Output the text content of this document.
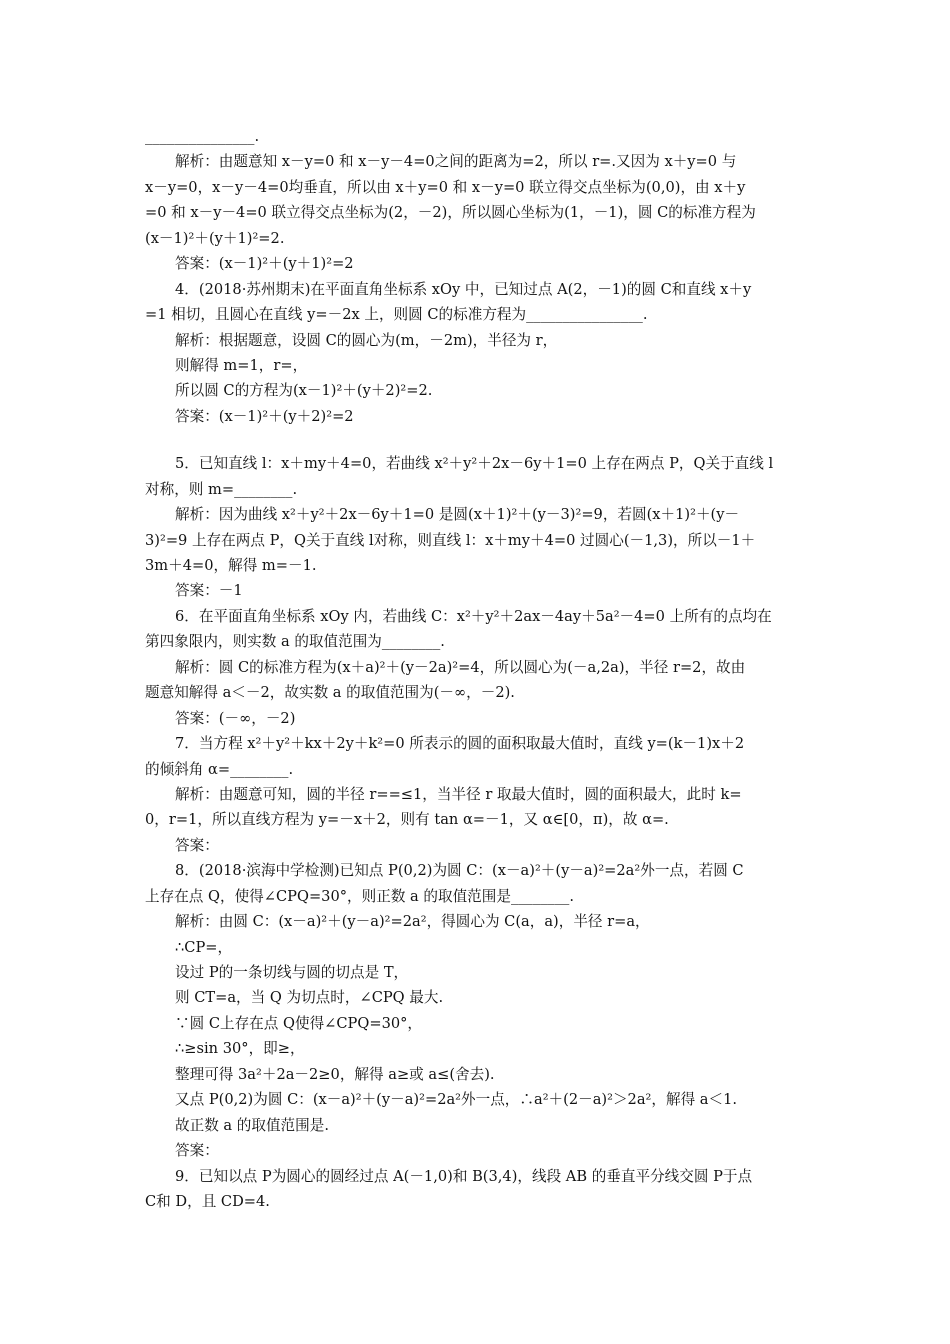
_______________.
解析：由题意知 x－y=0 和 x－y－4=0之间的距离为=2，所以 r=.又因为 x＋y=0 与
x－y=0，x－y－4=0均垂直，所以由 x＋y=0 和 x－y=0 联立得交点坐标为(0,0)，由 x＋y
=0 和 x－y－4=0 联立得交点坐标为(2，－2)，所以圆心坐标为(1，－1)，圆 C的标准方程为
(x－1)²＋(y＋1)²=2.
答案：(x－1)²＋(y＋1)²=2
4．(2018·苏州期末)在平面直角坐标系 xOy 中，已知过点 A(2，－1)的圆 C和直线 x＋y
=1 相切，且圆心在直线 y=－2x 上，则圆 C的标准方程为________________.
解析：根据题意，设圆 C的圆心为(m，－2m)，半径为 r，
则解得 m=1，r=，
所以圆 C的方程为(x－1)²＋(y＋2)²=2.
答案：(x－1)²＋(y＋2)²=2
5．已知直线 l：x＋my＋4=0，若曲线 x²＋y²＋2x－6y＋1=0 上存在两点 P，Q关于直线 l
对称，则 m=________.
解析：因为曲线 x²＋y²＋2x－6y＋1=0 是圆(x＋1)²＋(y－3)²=9，若圆(x＋1)²＋(y－
3)²=9 上存在两点 P，Q关于直线 l对称，则直线 l：x＋my＋4=0 过圆心(－1,3)，所以－1＋
3m＋4=0，解得 m=－1.
答案：－1
6．在平面直角坐标系 xOy 内，若曲线 C：x²＋y²＋2ax－4ay＋5a²－4=0 上所有的点均在
第四象限内，则实数 a 的取值范围为________.
解析：圆 C的标准方程为(x＋a)²＋(y－2a)²=4，所以圆心为(－a,2a)，半径 r=2，故由
题意知解得 a＜－2，故实数 a 的取值范围为(－∞，－2).
答案：(－∞，－2)
7．当方程 x²＋y²＋kx＋2y＋k²=0 所表示的圆的面积取最大值时，直线 y=(k－1)x＋2
的倾斜角 α=________.
解析：由题意可知，圆的半径 r==≤1，当半径 r 取最大值时，圆的面积最大，此时 k=
0，r=1，所以直线方程为 y=－x＋2，则有 tan α=－1，又 α∈[0，π)，故 α=.
答案：
8．(2018·滨海中学检测)已知点 P(0,2)为圆 C：(x－a)²＋(y－a)²=2a²外一点，若圆 C
上存在点 Q，使得∠CPQ=30°，则正数 a 的取值范围是________.
解析：由圆 C：(x－a)²＋(y－a)²=2a²，得圆心为 C(a，a)，半径 r=a，
∴CP=，
设过 P的一条切线与圆的切点是 T，
则 CT=a，当 Q 为切点时，∠CPQ 最大.
∵圆 C上存在点 Q使得∠CPQ=30°，
∴≥sin 30°，即≥，
整理可得 3a²＋2a－2≥0，解得 a≥或 a≤(舍去).
又点 P(0,2)为圆 C：(x－a)²＋(y－a)²=2a²外一点，∴a²＋(2－a)²＞2a²，解得 a＜1.
故正数 a 的取值范围是.
答案：
9．已知以点 P为圆心的圆经过点 A(－1,0)和 B(3,4)，线段 AB 的垂直平分线交圆 P于点
C和 D，且 CD=4.
